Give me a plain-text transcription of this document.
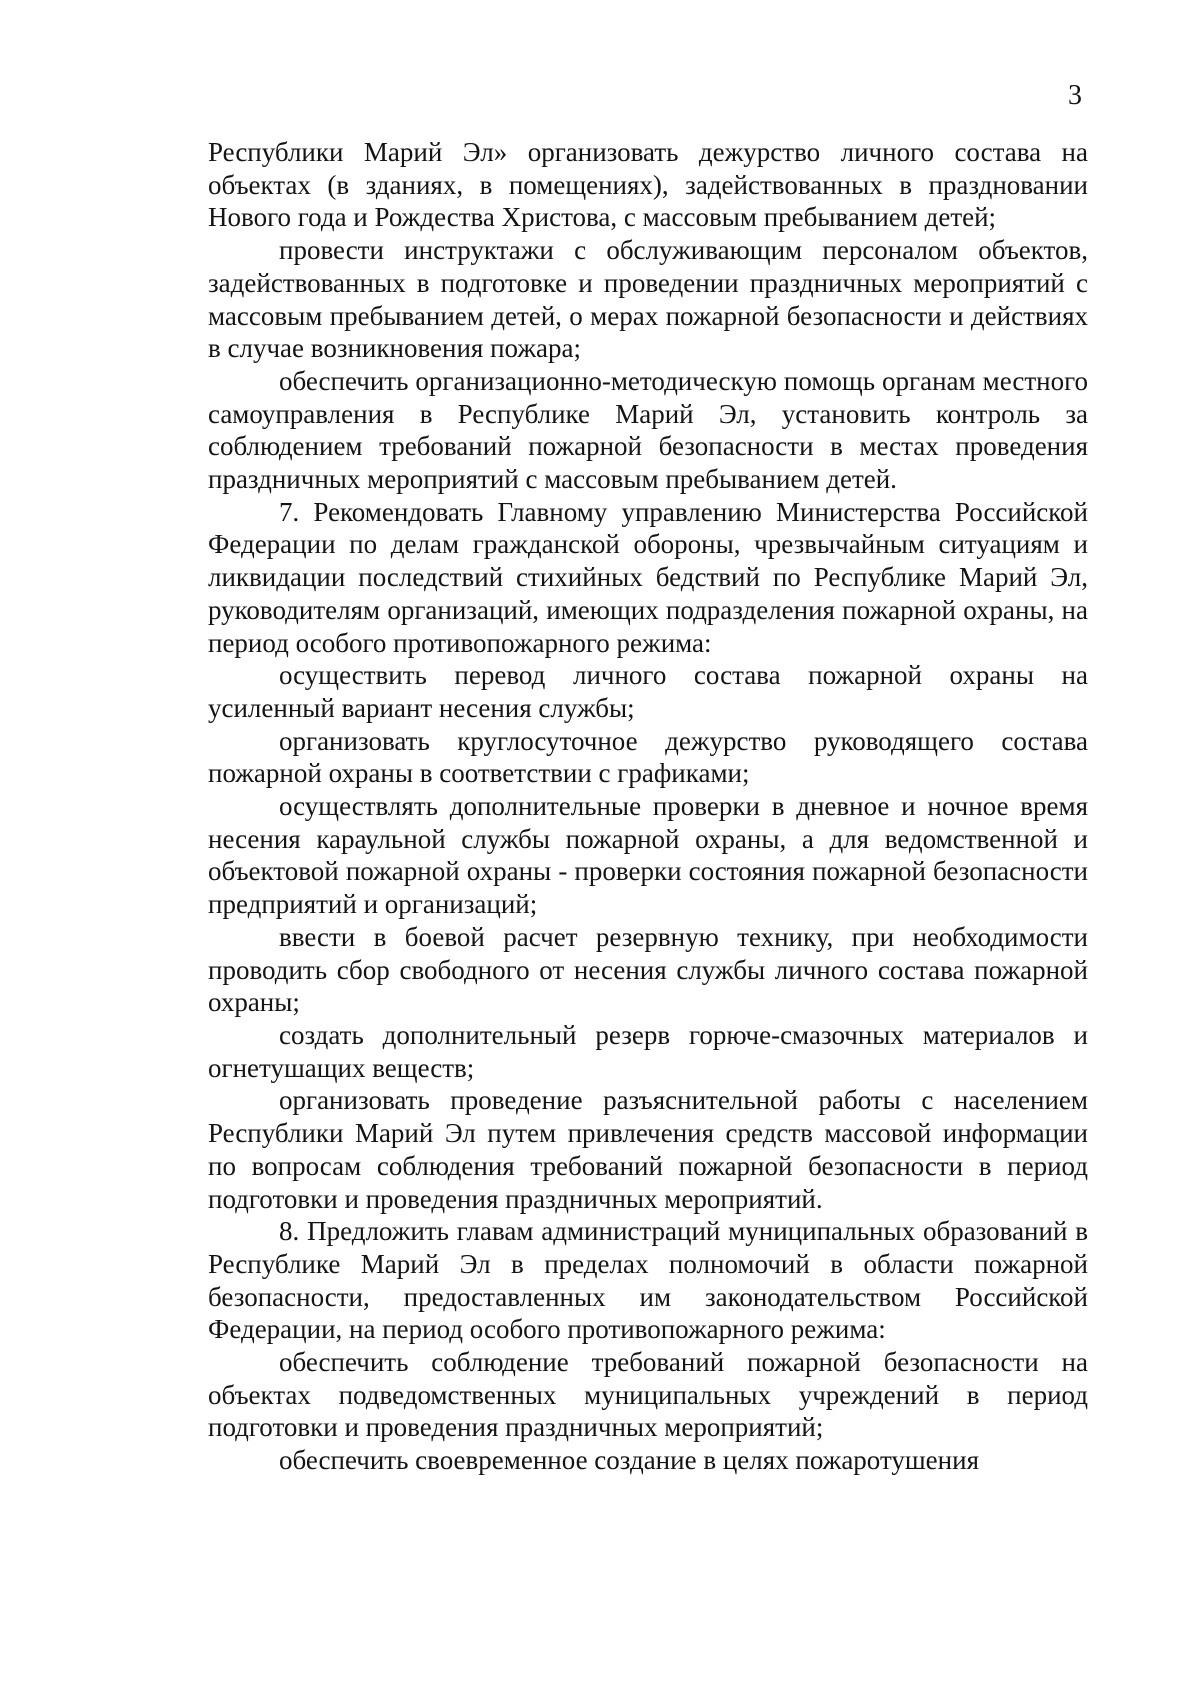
3

Республики Марий Эл» организовать дежурство личного состава на объектах (в зданиях, в помещениях), задействованных в праздновании Нового года и Рождества Христова, с массовым пребыванием детей;

провести инструктажи с обслуживающим персоналом объектов, задействованных в подготовке и проведении праздничных мероприятий с массовым пребыванием детей, о мерах пожарной безопасности и действиях в случае возникновения пожара;

обеспечить организационно-методическую помощь органам местного самоуправления в Республике Марий Эл, установить контроль за соблюдением требований пожарной безопасности в местах проведения праздничных мероприятий с массовым пребыванием детей.

7. Рекомендовать Главному управлению Министерства Российской Федерации по делам гражданской обороны, чрезвычайным ситуациям и ликвидации последствий стихийных бедствий по Республике Марий Эл, руководителям организаций, имеющих подразделения пожарной охраны, на период особого противопожарного режима:

осуществить перевод личного состава пожарной охраны на усиленный вариант несения службы;

организовать круглосуточное дежурство руководящего состава пожарной охраны в соответствии с графиками;

осуществлять дополнительные проверки в дневное и ночное время несения караульной службы пожарной охраны, а для ведомственной и объектовой пожарной охраны - проверки состояния пожарной безопасности предприятий и организаций;

ввести в боевой расчет резервную технику, при необходимости проводить сбор свободного от несения службы личного состава пожарной охраны;

создать дополнительный резерв горюче-смазочных материалов и огнетушащих веществ;

организовать проведение разъяснительной работы с населением Республики Марий Эл путем привлечения средств массовой информации по вопросам соблюдения требований пожарной безопасности в период подготовки и проведения праздничных мероприятий.

8. Предложить главам администраций муниципальных образований в Республике Марий Эл в пределах полномочий в области пожарной безопасности, предоставленных им законодательством Российской Федерации, на период особого противопожарного режима:

обеспечить соблюдение требований пожарной безопасности на объектах подведомственных муниципальных учреждений в период подготовки и проведения праздничных мероприятий;

обеспечить своевременное создание в целях пожаротушения
